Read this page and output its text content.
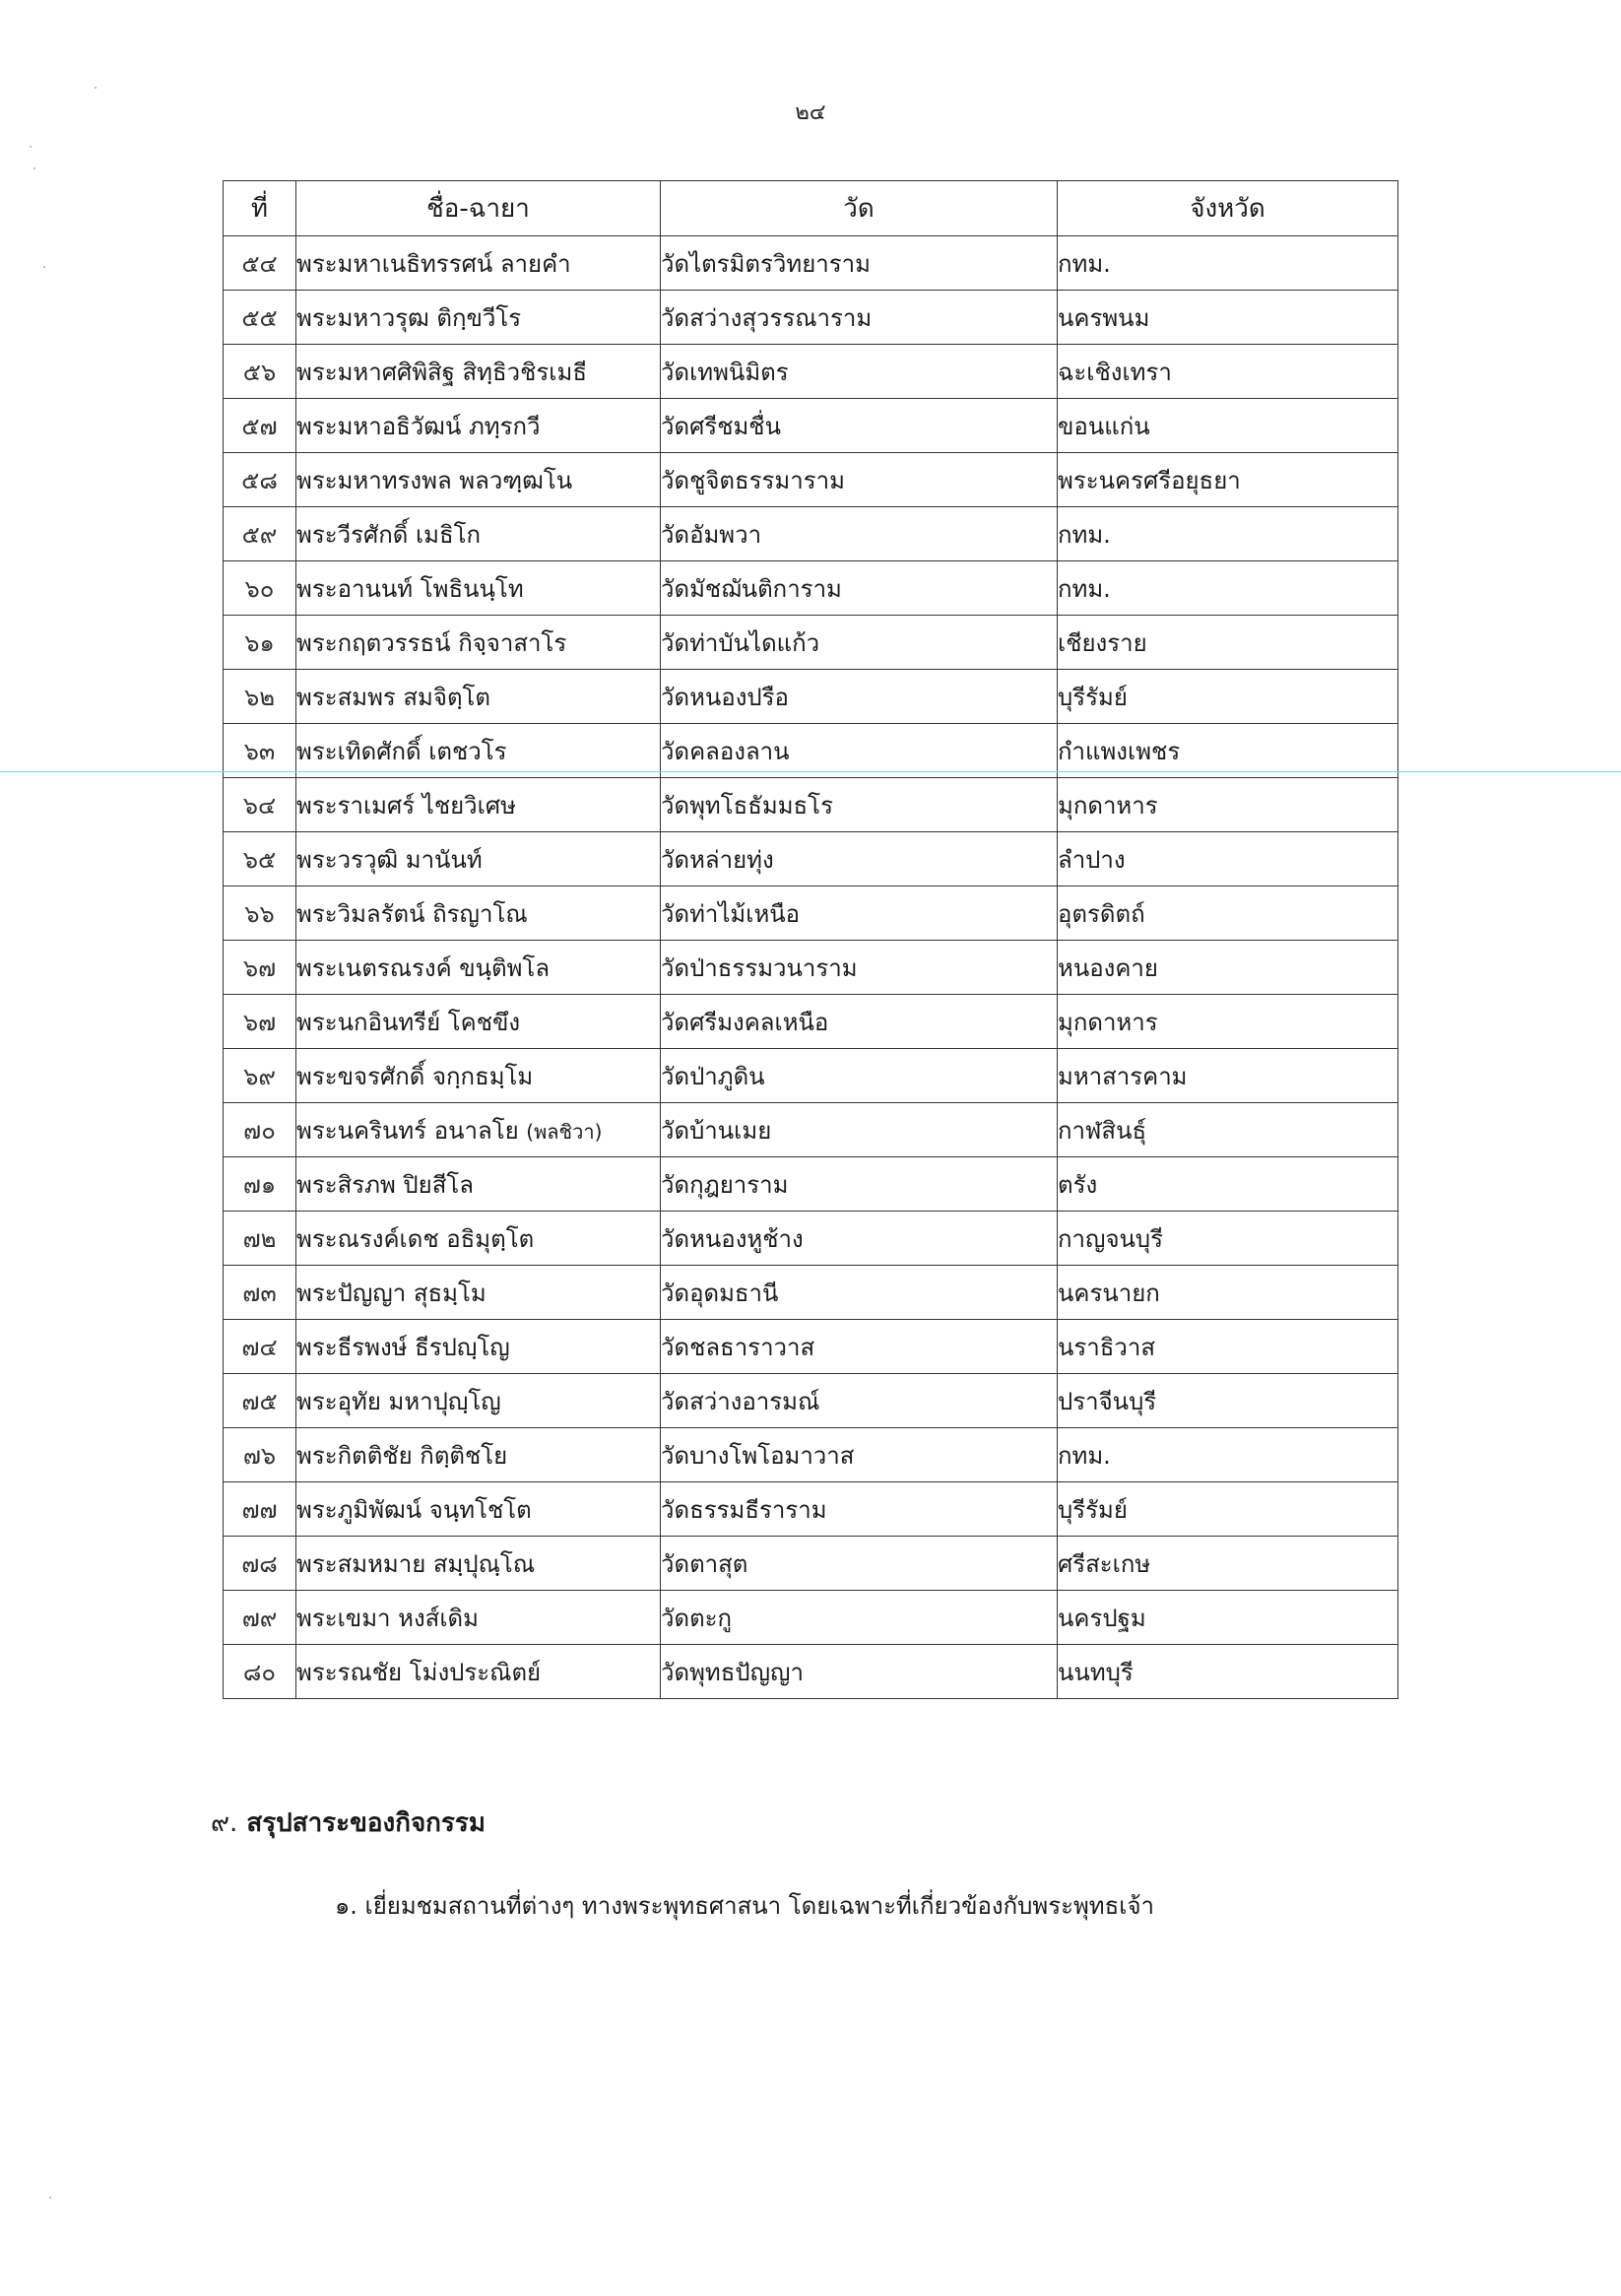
๒๔
ที่	ชื่อ-ฉายา	วัด	จังหวัด
๕๔	พระมหาเนธิทรรศน์ ลายคำ	วัดไตรมิตรวิทยาราม	กทม.
๕๕	พระมหาวรุฒ ติกฺขวีโร	วัดสว่างสุวรรณาราม	นครพนม
๕๖	พระมหาศศิพิสิฐ สิทฺธิวชิรเมธี	วัดเทพนิมิตร	ฉะเชิงเทรา
๕๗	พระมหาอธิวัฒน์ ภทฺรกวี	วัดศรีชมชื่น	ขอนแก่น
๕๘	พระมหาทรงพล พลวฑฺฒโน	วัดชูจิตธรรมาราม	พระนครศรีอยุธยา
๕๙	พระวีรศักดิ์ เมธิโก	วัดอัมพวา	กทม.
๖๐	พระอานนท์ โพธินนฺโท	วัดมัชฌันติการาม	กทม.
๖๑	พระกฤตวรรธน์ กิจฺจาสาโร	วัดท่าบันไดแก้ว	เชียงราย
๖๒	พระสมพร สมจิตฺโต	วัดหนองปรือ	บุรีรัมย์
๖๓	พระเทิดศักดิ์ เตชวโร	วัดคลองลาน	กำแพงเพชร
๖๔	พระราเมศร์ ไชยวิเศษ	วัดพุทโธธัมมธโร	มุกดาหาร
๖๕	พระวรวุฒิ มานันท์	วัดหล่ายทุ่ง	ลำปาง
๖๖	พระวิมลรัตน์ ถิรญาโณ	วัดท่าไม้เหนือ	อุตรดิตถ์
๖๗	พระเนตรณรงค์ ขนฺติพโล	วัดป่าธรรมวนาราม	หนองคาย
๖๗	พระนกอินทรีย์ โคชขึง	วัดศรีมงคลเหนือ	มุกดาหาร
๖๙	พระขจรศักดิ์ จกฺกธมฺโม	วัดป่าภูดิน	มหาสารคาม
๗๐	พระนครินทร์ อนาลโย (พลชิวา)	วัดบ้านเมย	กาฬสินธุ์
๗๑	พระสิรภพ ปิยสีโล	วัดกุฎยาราม	ตรัง
๗๒	พระณรงค์เดช อธิมุตฺโต	วัดหนองหูช้าง	กาญจนบุรี
๗๓	พระปัญญา สุธมฺโม	วัดอุดมธานี	นครนายก
๗๔	พระธีรพงษ์ ธีรปญฺโญ	วัดชลธาราวาส	นราธิวาส
๗๕	พระอุทัย มหาปุญฺโญ	วัดสว่างอารมณ์	ปราจีนบุรี
๗๖	พระกิตติชัย กิตฺติชโย	วัดบางโพโอมาวาส	กทม.
๗๗	พระภูมิพัฒน์ จนฺทโชโต	วัดธรรมธีราราม	บุรีรัมย์
๗๘	พระสมหมาย สมฺปุณฺโณ	วัดตาสุต	ศรีสะเกษ
๗๙	พระเขมา หงส์เดิม	วัดตะกู	นครปฐม
๘๐	พระรณชัย โม่งประณิตย์	วัดพุทธปัญญา	นนทบุรี
๙. สรุปสาระของกิจกรรม
๑. เยี่ยมชมสถานที่ต่างๆ ทางพระพุทธศาสนา โดยเฉพาะที่เกี่ยวข้องกับพระพุทธเจ้า
